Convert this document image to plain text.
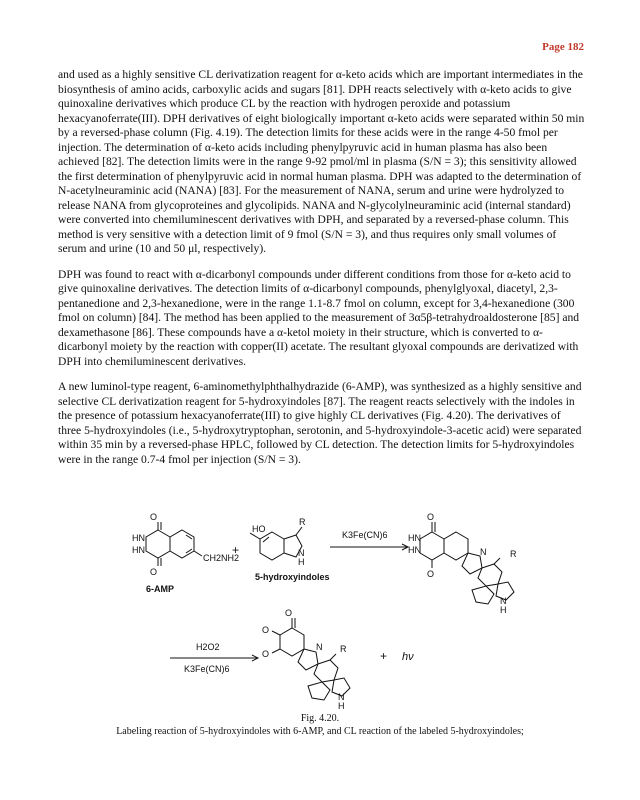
Page 182

and used as a highly sensitive CL derivatization reagent for α-keto acids which are important intermediates in the biosynthesis of amino acids, carboxylic acids and sugars [81]. DPH reacts selectively with α-keto acids to give quinoxaline derivatives which produce CL by the reaction with hydrogen peroxide and potassium hexacyanoferrate(III). DPH derivatives of eight biologically important α-keto acids were separated within 50 min by a reversed-phase column (Fig. 4.19). The detection limits for these acids were in the range 4-50 fmol per injection. The determination of α-keto acids including phenylpyruvic acid in human plasma has also been achieved [82]. The detection limits were in the range 9-92 pmol/ml in plasma (S/N = 3); this sensitivity allowed the first determination of phenylpyruvic acid in normal human plasma. DPH was adapted to the determination of N-acetylneuraminic acid (NANA) [83]. For the measurement of NANA, serum and urine were hydrolyzed to release NANA from glycoproteines and glycolipids. NANA and N-glycolylneuraminic acid (internal standard) were converted into chemiluminescent derivatives with DPH, and separated by a reversed-phase column. This method is very sensitive with a detection limit of 9 fmol (S/N = 3), and thus requires only small volumes of serum and urine (10 and 50 μl, respectively).

DPH was found to react with α-dicarbonyl compounds under different conditions from those for α-keto acid to give quinoxaline derivatives. The detection limits of α-dicarbonyl compounds, phenylglyoxal, diacetyl, 2,3-pentanedione and 2,3-hexanedione, were in the range 1.1-8.7 fmol on column, except for 3,4-hexanedione (300 fmol on column) [84]. The method has been applied to the measurement of 3α5β-tetrahydroaldosterone [85] and dexamethasone [86]. These compounds have a α-ketol moiety in their structure, which is converted to α-dicarbonyl moiety by the reaction with copper(II) acetate. The resultant glyoxal compounds are derivatized with DPH into chemiluminescent derivatives.

A new luminol-type reagent, 6-aminomethylphthalhydrazide (6-AMP), was synthesized as a highly sensitive and selective CL derivatization reagent for 5-hydroxyindoles [87]. The reagent reacts selectively with the indoles in the presence of potassium hexacyanoferrate(III) to give highly CL derivatives (Fig. 4.20). The derivatives of three 5-hydroxyindoles (i.e., 5-hydroxytryptophan, serotonin, and 5-hydroxyindole-3-acetic acid) were separated within 35 min by a reversed-phase HPLC, followed by CL detection. The detection limits for 5-hydroxyindoles were in the range 0.7-4 fmol per injection (S/N = 3).

O
HN
HN
O
CH2NH2
+
HO
R
N
H
5-hydroxyindoles
6-AMP
K3Fe(CN)6 HN
HN
O
O
N	R
N
H
H2O2
K3Fe(CN)6
O
O
O
N R
N
H
+ hν
Fig. 4.20.
Labeling reaction of 5-hydroxyindoles with 6-AMP, and CL reaction of the labeled 5-hydroxyindoles;
